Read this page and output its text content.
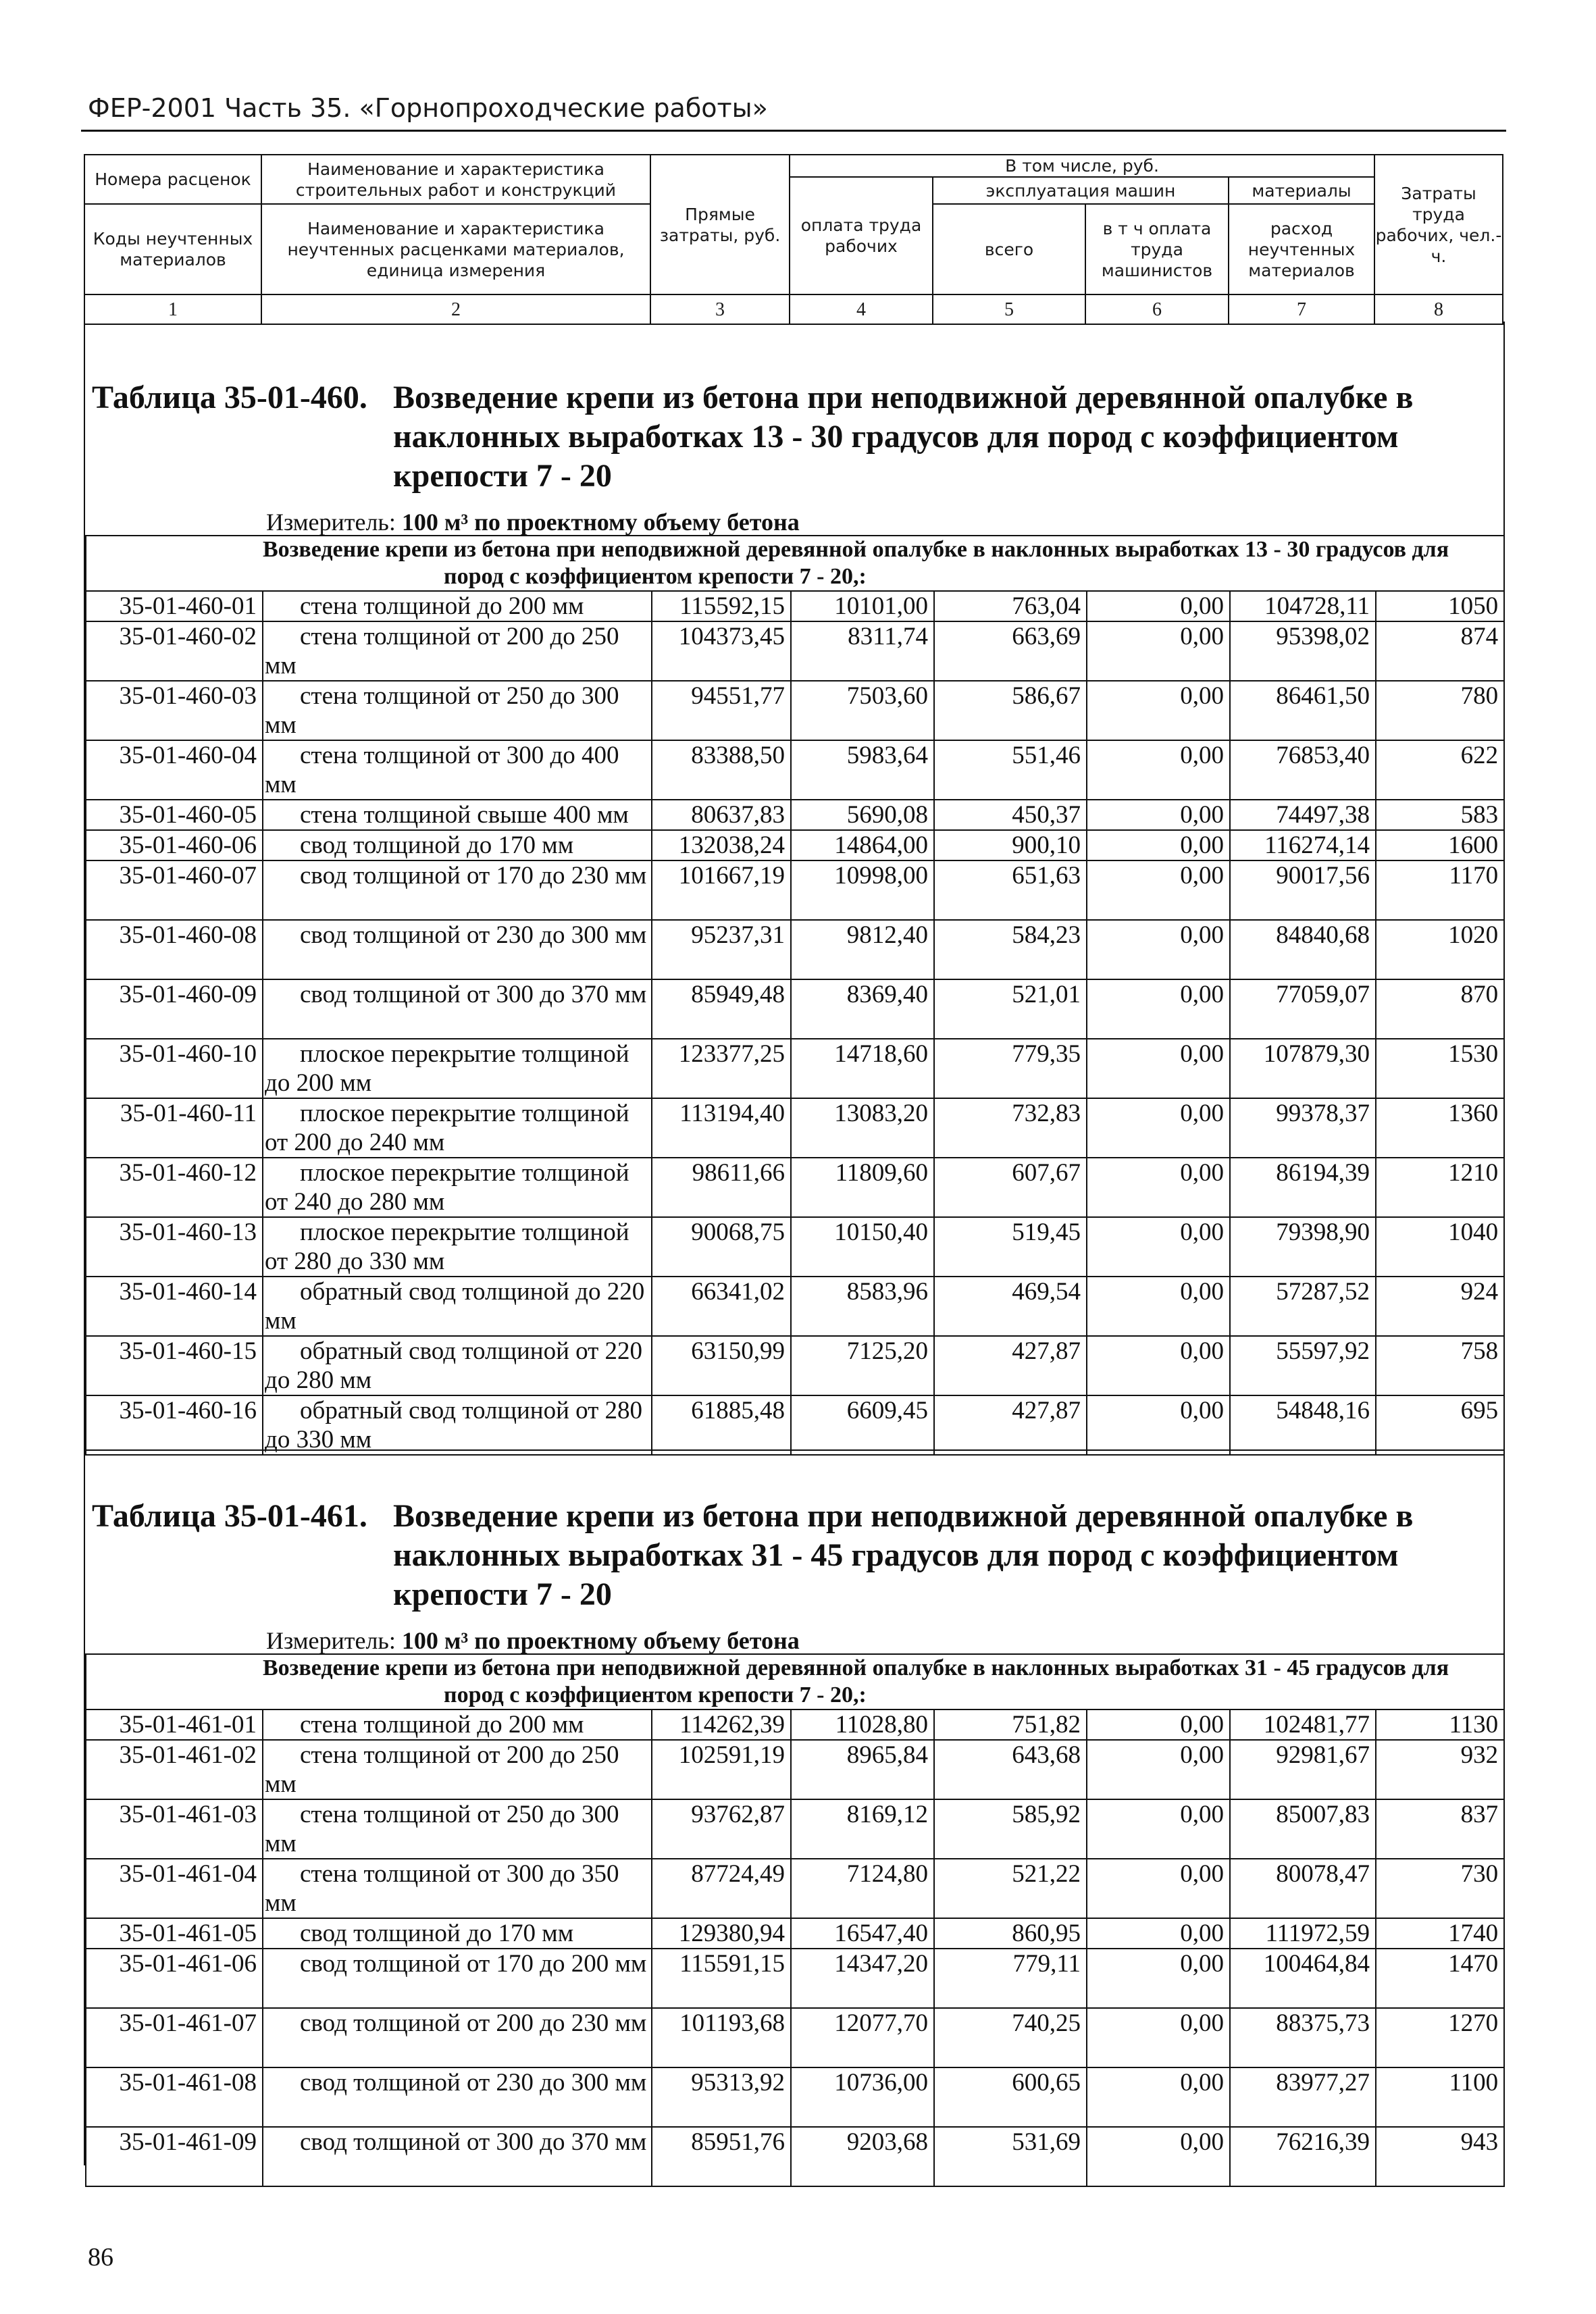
ФЕР-2001 Часть 35. «Горнопроходческие работы»
Номера расценок	Наименование и характеристика строительных работ и конструкций	Прямые затраты, руб.	В том числе, руб.				Затраты труда рабочих, чел.-ч.
			оплата труда рабочих	эксплуатация машин		материалы	
Коды неучтенных материалов	Наименование и характеристика неучтенных расценками материалов, единица измерения			всего	в т ч оплата труда машинистов	расход неучтенных материалов	

1	2	3	4	5	6	7	8
Таблица 35-01-460. Возведение крепи из бетона при неподвижной деревянной опалубке в наклонных выработках 13 - 30 градусов для пород с коэффициентом крепости 7 - 20
Измеритель: 100 м³ по проектному объему бетона
	Возведение крепи из бетона при неподвижной деревянной опалубке в наклонных выработках 13 - 30 градусов для пород с коэффициентом крепости 7 - 20,:						
35-01-460-01	стена толщиной до 200 мм	115592,15	10101,00	763,04	0,00	104728,11	1050
35-01-460-02	стена толщиной от 200 до 250 мм	104373,45	8311,74	663,69	0,00	95398,02	874
35-01-460-03	стена толщиной от 250 до 300 мм	94551,77	7503,60	586,67	0,00	86461,50	780
35-01-460-04	стена толщиной от 300 до 400 мм	83388,50	5983,64	551,46	0,00	76853,40	622
35-01-460-05	стена толщиной свыше 400 мм	80637,83	5690,08	450,37	0,00	74497,38	583
35-01-460-06	свод толщиной до 170 мм	132038,24	14864,00	900,10	0,00	116274,14	1600
35-01-460-07	свод толщиной от 170 до 230 мм	101667,19	10998,00	651,63	0,00	90017,56	1170
35-01-460-08	свод толщиной от 230 до 300 мм	95237,31	9812,40	584,23	0,00	84840,68	1020
35-01-460-09	свод толщиной от 300 до 370 мм	85949,48	8369,40	521,01	0,00	77059,07	870
35-01-460-10	плоское перекрытие толщиной до 200 мм	123377,25	14718,60	779,35	0,00	107879,30	1530
35-01-460-11	плоское перекрытие толщиной от 200 до 240 мм	113194,40	13083,20	732,83	0,00	99378,37	1360
35-01-460-12	плоское перекрытие толщиной от 240 до 280 мм	98611,66	11809,60	607,67	0,00	86194,39	1210
35-01-460-13	плоское перекрытие толщиной от 280 до 330 мм	90068,75	10150,40	519,45	0,00	79398,90	1040
35-01-460-14	обратный свод толщиной до 220 мм	66341,02	8583,96	469,54	0,00	57287,52	924
35-01-460-15	обратный свод толщиной от 220 до 280 мм	63150,99	7125,20	427,87	0,00	55597,92	758
35-01-460-16	обратный свод толщиной от 280 до 330 мм	61885,48	6609,45	427,87	0,00	54848,16	695
Таблица 35-01-461. Возведение крепи из бетона при неподвижной деревянной опалубке в наклонных выработках 31 - 45 градусов для пород с коэффициентом крепости 7 - 20
Измеритель: 100 м³ по проектному объему бетона
	Возведение крепи из бетона при неподвижной деревянной опалубке в наклонных выработках 31 - 45 градусов для пород с коэффициентом крепости 7 - 20,:						
35-01-461-01	стена толщиной до 200 мм	114262,39	11028,80	751,82	0,00	102481,77	1130
35-01-461-02	стена толщиной от 200 до 250 мм	102591,19	8965,84	643,68	0,00	92981,67	932
35-01-461-03	стена толщиной от 250 до 300 мм	93762,87	8169,12	585,92	0,00	85007,83	837
35-01-461-04	стена толщиной от 300 до 350 мм	87724,49	7124,80	521,22	0,00	80078,47	730
35-01-461-05	свод толщиной до 170 мм	129380,94	16547,40	860,95	0,00	111972,59	1740
35-01-461-06	свод толщиной от 170 до 200 мм	115591,15	14347,20	779,11	0,00	100464,84	1470
35-01-461-07	свод толщиной от 200 до 230 мм	101193,68	12077,70	740,25	0,00	88375,73	1270
35-01-461-08	свод толщиной от 230 до 300 мм	95313,92	10736,00	600,65	0,00	83977,27	1100
35-01-461-09	свод толщиной от 300 до 370 мм	85951,76	9203,68	531,69	0,00	76216,39	943
86
